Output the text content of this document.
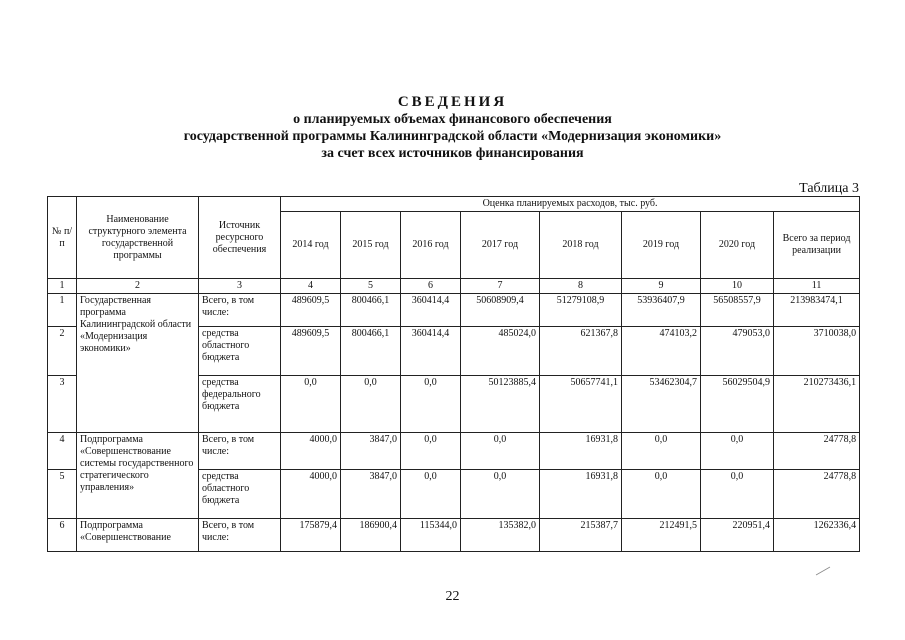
СВЕДЕНИЯ
о планируемых объемах финансового обеспечения
государственной программы Калининградской области «Модернизация экономики»
за счет всех источников финансирования
Таблица 3
№ п/п	Наименование структурного элемента государственной программы	Источник ресурсного обеспечения	Оценка планируемых расходов, тыс. руб.							
			2014 год	2015 год	2016 год	2017 год	2018 год	2019 год	2020 год	Всего за период реализации
1	2	3	4	5	6	7	8	9	10	11
1	Государственная программа Калининградской области «Модернизация экономики»	Всего, в том числе:	489609,5	800466,1	360414,4	50608909,4	51279108,9	53936407,9	56508557,9	213983474,1
2		средства областного бюджета	489609,5	800466,1	360414,4	485024,0	621367,8	474103,2	479053,0	3710038,0
3		средства федерального бюджета	0,0	0,0	0,0	50123885,4	50657741,1	53462304,7	56029504,9	210273436,1
4	Подпрограмма «Совершенствование системы государственного стратегического управления»	Всего, в том числе:	4000,0	3847,0	0,0	0,0	16931,8	0,0	0,0	24778,8
5		средства областного бюджета	4000,0	3847,0	0,0	0,0	16931,8	0,0	0,0	24778,8
6	Подпрограмма «Совершенствование	Всего, в том числе:	175879,4	186900,4	115344,0	135382,0	215387,7	212491,5	220951,4	1262336,4
22
